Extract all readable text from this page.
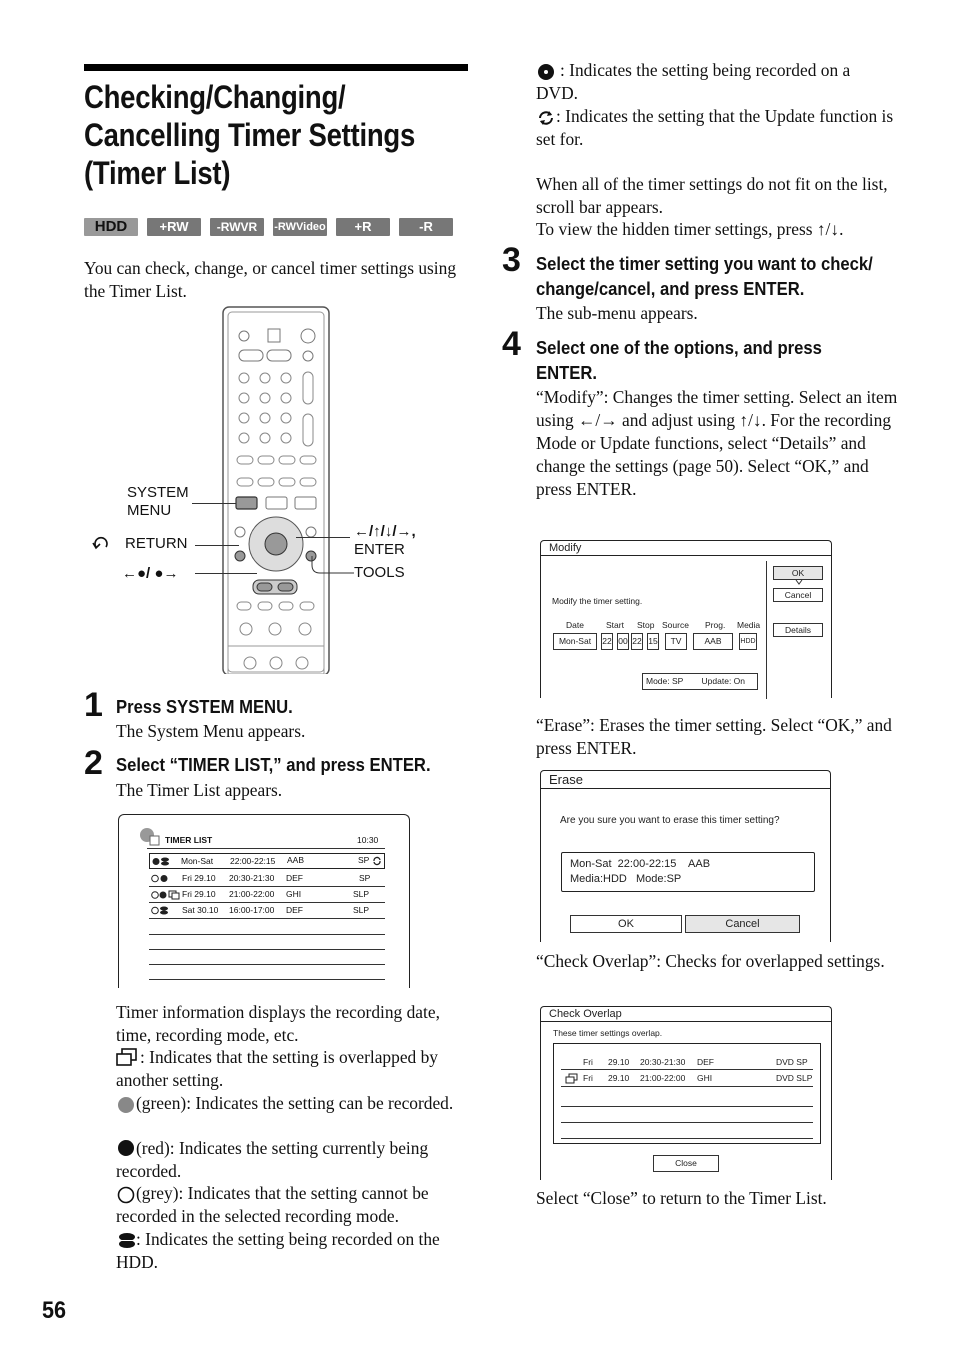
Checking/Changing/
Cancelling Timer Settings
(Timer List)
HDD	+RW	-RWVR	-RWVideo	+R	-R
You can check, change, or cancel timer settings using the Timer List.
SYSTEM
MENU
RETURN
←●/ ●→
←/↑/↓/→,
ENTER
TOOLS
1 Press SYSTEM MENU.
The System Menu appears.
2 Select “TIMER LIST,” and press ENTER.
The Timer List appears.
TIMER LIST	10:30
Mon-Sat 22:00-22:15 AAB	SP
Fri 29.10 20:30-21:30 DEF	SP
Fri 29.10 21:00-22:00 GHI	SLP
Sat 30.10 16:00-17:00 DEF	SLP
Timer information displays the recording date, time, recording mode, etc.
: Indicates that the setting is overlapped by another setting.
(green): Indicates the setting can be recorded.
(red): Indicates the setting currently being recorded.
(grey): Indicates that the setting cannot be recorded in the selected recording mode.
: Indicates the setting being recorded on the HDD.
56
: Indicates the setting being recorded on a DVD.
: Indicates the setting that the Update function is set for.
When all of the timer settings do not fit on the list, scroll bar appears.
To view the hidden timer settings, press ↑/↓.
3 Select the timer setting you want to check/
change/cancel, and press ENTER.
The sub-menu appears.
4 Select one of the options, and press
ENTER.
“Modify”: Changes the timer setting. Select an item using ←/→ and adjust using ↑/↓. For the recording Mode or Update functions, select “Details” and change the settings (page 50). Select “OK,” and press ENTER.
Modify
Modify the timer setting.
Date	Start Stop Source Prog. Media
Mon-Sat	22 00 22 15	TV	AAB	HDD
Mode: SP Update: On
OK
Cancel
Details
“Erase”: Erases the timer setting. Select “OK,” and press ENTER.
Erase
Are you sure you want to erase this timer setting?
Mon-Sat  22:00-22:15    AAB
Media:HDD   Mode:SP
OK	Cancel
“Check Overlap”: Checks for overlapped settings.
Check Overlap
These timer settings overlap.
Fri 29.10 20:30-21:30 DEF	DVD SP
Fri 29.10 21:00-22:00 GHI	DVD SLP
Close
Select “Close” to return to the Timer List.
